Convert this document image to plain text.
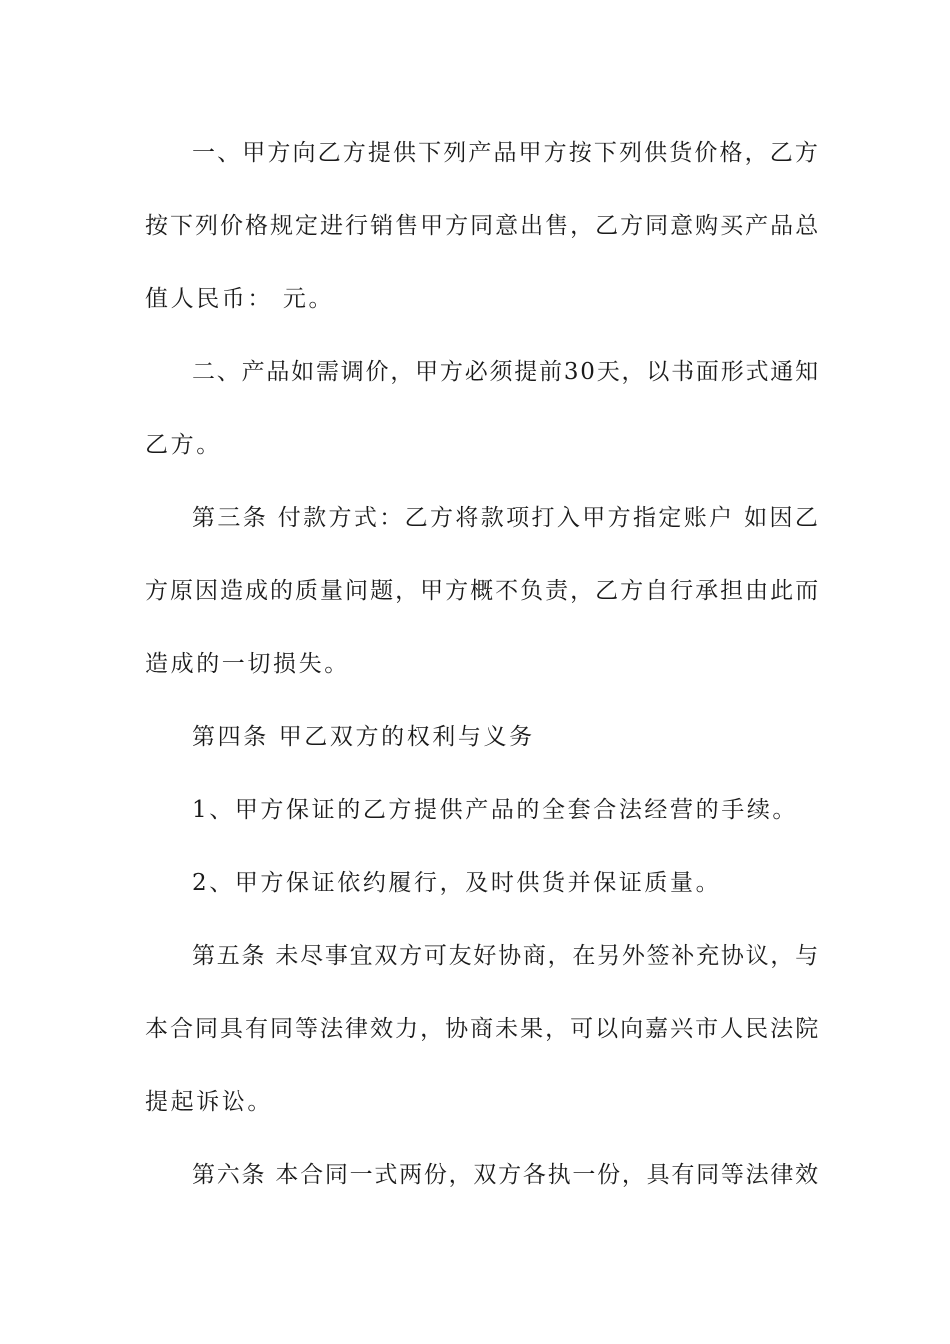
一、甲方向乙方提供下列产品甲方按下列供货价格，乙方
按下列价格规定进行销售甲方同意出售，乙方同意购买产品总
值人民币： 元。
二、产品如需调价，甲方必须提前30天，以书面形式通知
乙方。
第三条 付款方式：乙方将款项打入甲方指定账户 如因乙
方原因造成的质量问题，甲方概不负责，乙方自行承担由此而
造成的一切损失。
第四条 甲乙双方的权利与义务
1、甲方保证的乙方提供产品的全套合法经营的手续。
2、甲方保证依约履行，及时供货并保证质量。
第五条 未尽事宜双方可友好协商，在另外签补充协议，与
本合同具有同等法律效力，协商未果，可以向嘉兴市人民法院
提起诉讼。
第六条 本合同一式两份，双方各执一份，具有同等法律效
